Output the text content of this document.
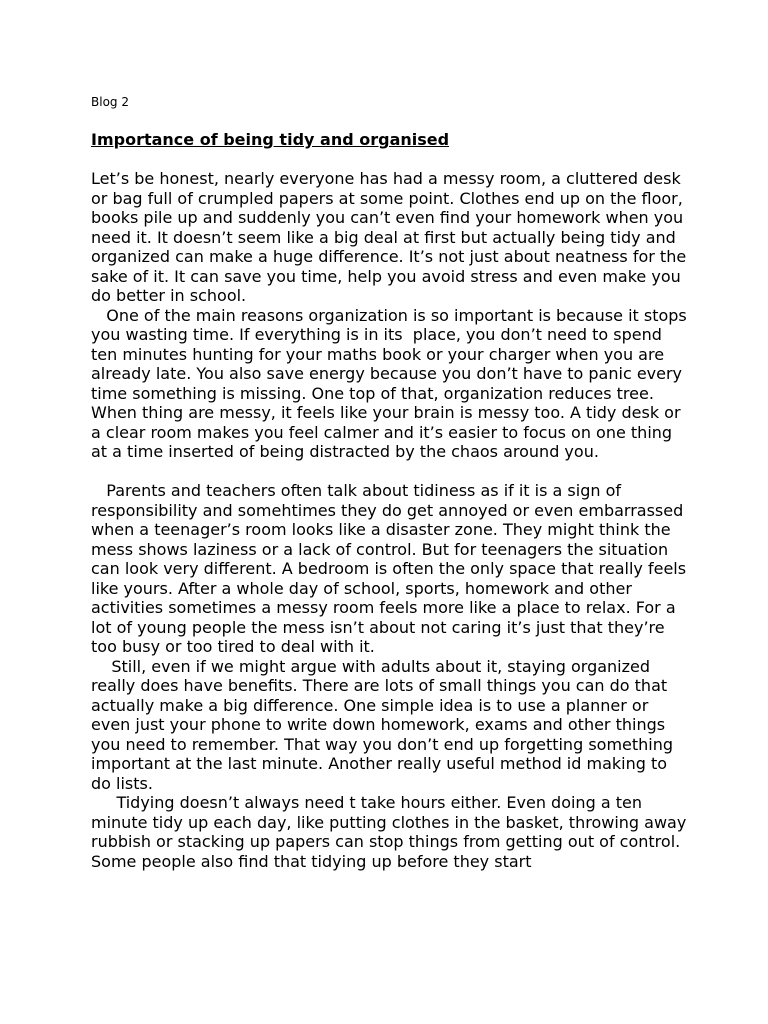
Blog 2

Importance of being tidy and organised

Let’s be honest, nearly everyone has had a messy room, a cluttered desk or bag full of crumpled papers at some point. Clothes end up on the floor, books pile up and suddenly you can’t even find your homework when you need it. It doesn’t seem like a big deal at first but actually being tidy and organized can make a huge difference. It’s not just about neatness for the sake of it. It can save you time, help you avoid stress and even make you do better in school.

One of the main reasons organization is so important is because it stops you wasting time. If everything is in its  place, you don’t need to spend ten minutes hunting for your maths book or your charger when you are already late. You also save energy because you don’t have to panic every time something is missing. One top of that, organization reduces tree. When thing are messy, it feels like your brain is messy too. A tidy desk or a clear room makes you feel calmer and it’s easier to focus on one thing at a time inserted of being distracted by the chaos around you.

Parents and teachers often talk about tidiness as if it is a sign of responsibility and somehtimes they do get annoyed or even embarrassed when a teenager’s room looks like a disaster zone. They might think the mess shows laziness or a lack of control. But for teenagers the situation can look very different. A bedroom is often the only space that really feels like yours. After a whole day of school, sports, homework and other activities sometimes a messy room feels more like a place to relax. For a lot of young people the mess isn’t about not caring it’s just that they’re too busy or too tired to deal with it.

Still, even if we might argue with adults about it, staying organized really does have benefits. There are lots of small things you can do that actually make a big difference. One simple idea is to use a planner or even just your phone to write down homework, exams and other things you need to remember. That way you don’t end up forgetting something important at the last minute. Another really useful method id making to do lists.

Tidying doesn’t always need t take hours either. Even doing a ten minute tidy up each day, like putting clothes in the basket, throwing away rubbish or stacking up papers can stop things from getting out of control. Some people also find that tidying up before they start
